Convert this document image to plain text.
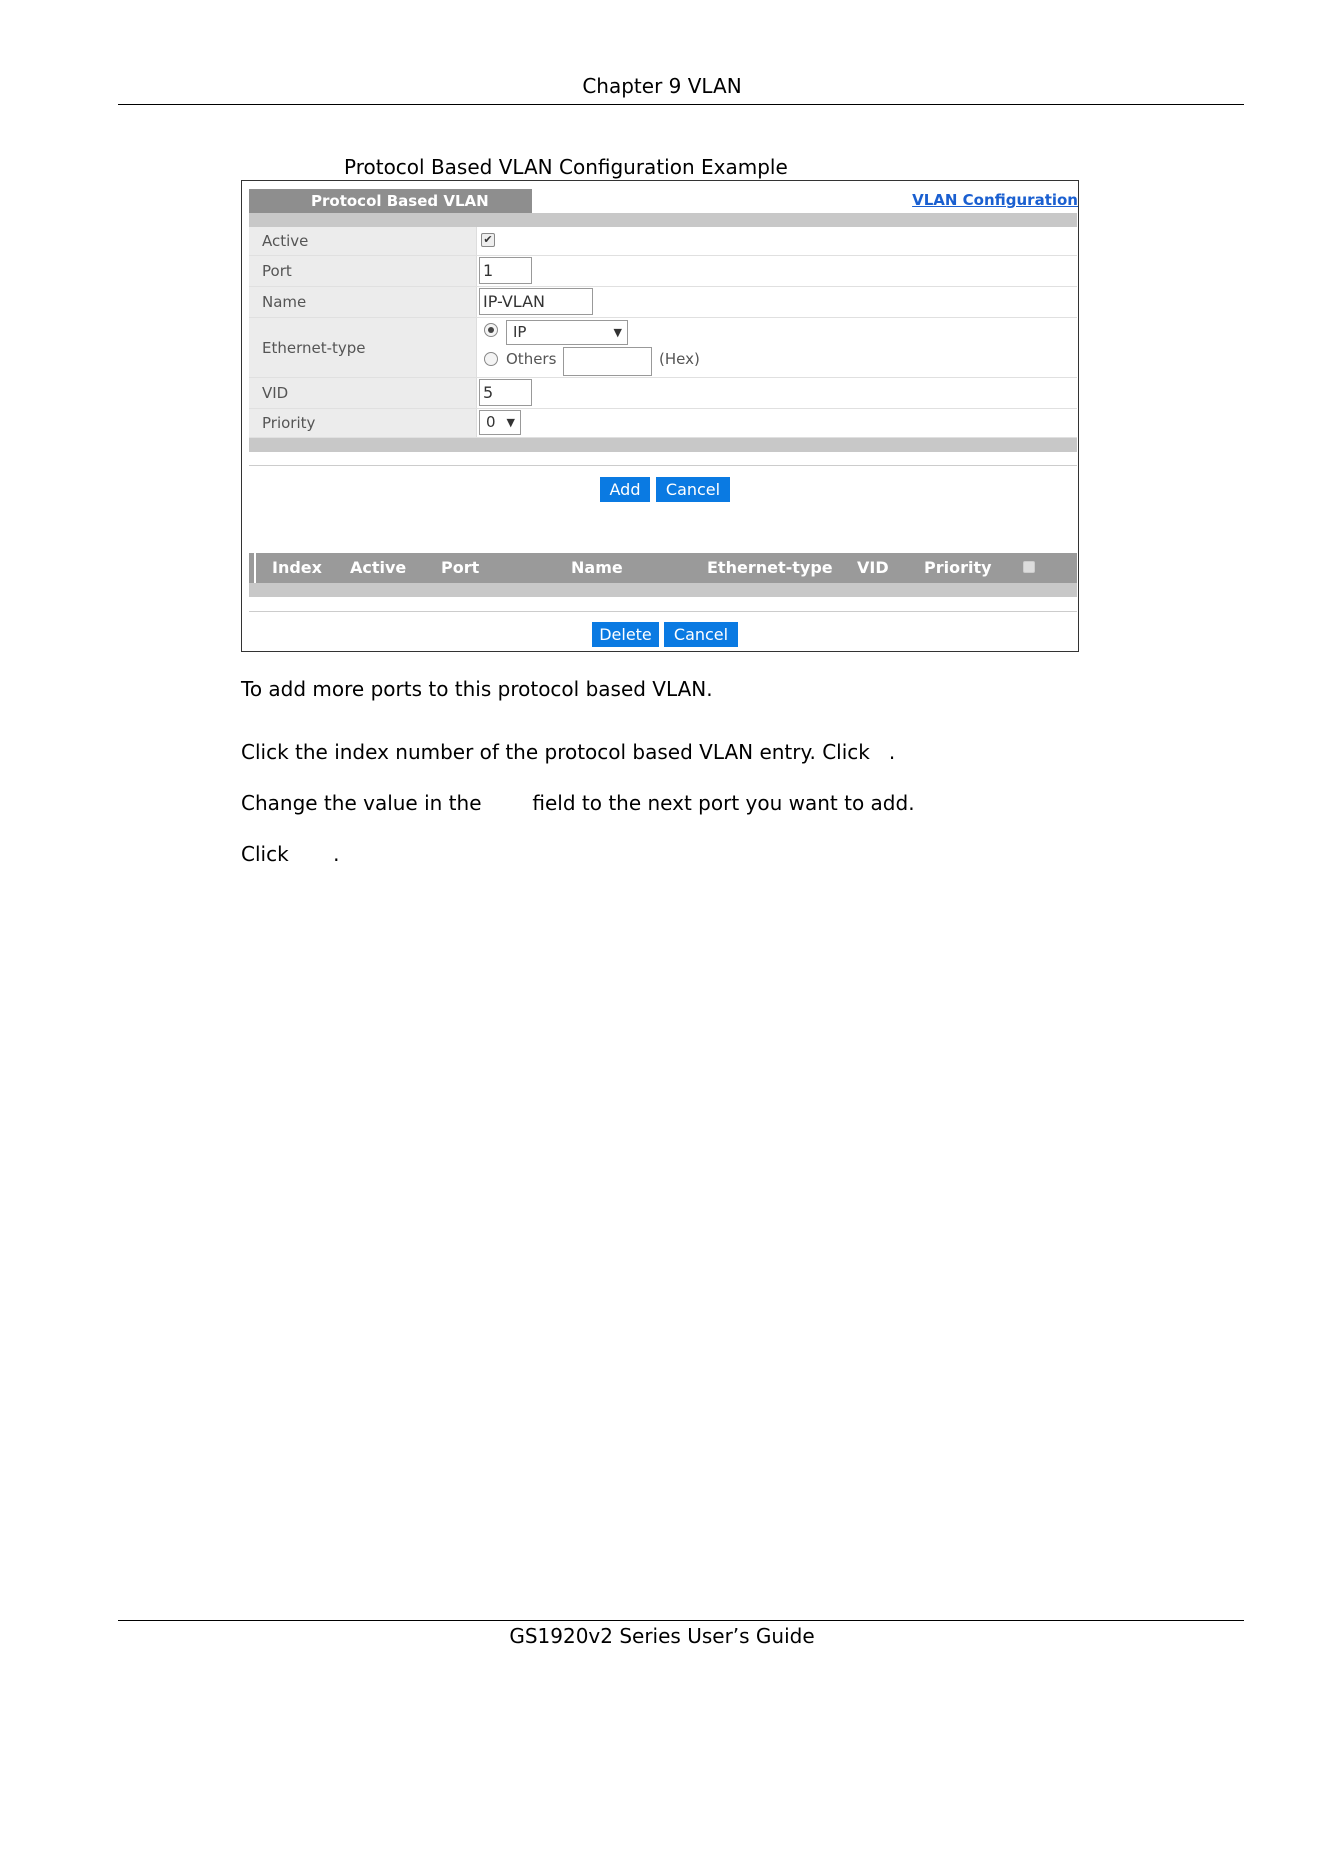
Chapter 9 VLAN
Protocol Based VLAN Configuration Example
Protocol Based VLAN	VLAN Configuration
Active	✔
Port	1
Name	IP-VLAN
Ethernet-type
IP	▼
Others	(Hex)
VID	5
Priority	0 ▼
Add	Cancel
Index Active Port	Name	Ethernet-type VID Priority
Delete	Cancel
To add more ports to this protocol based VLAN.
Click the index number of the protocol based VLAN entry. Click   .
Change the value in the        field to the next port you want to add.
Click       .
GS1920v2 Series User’s Guide
